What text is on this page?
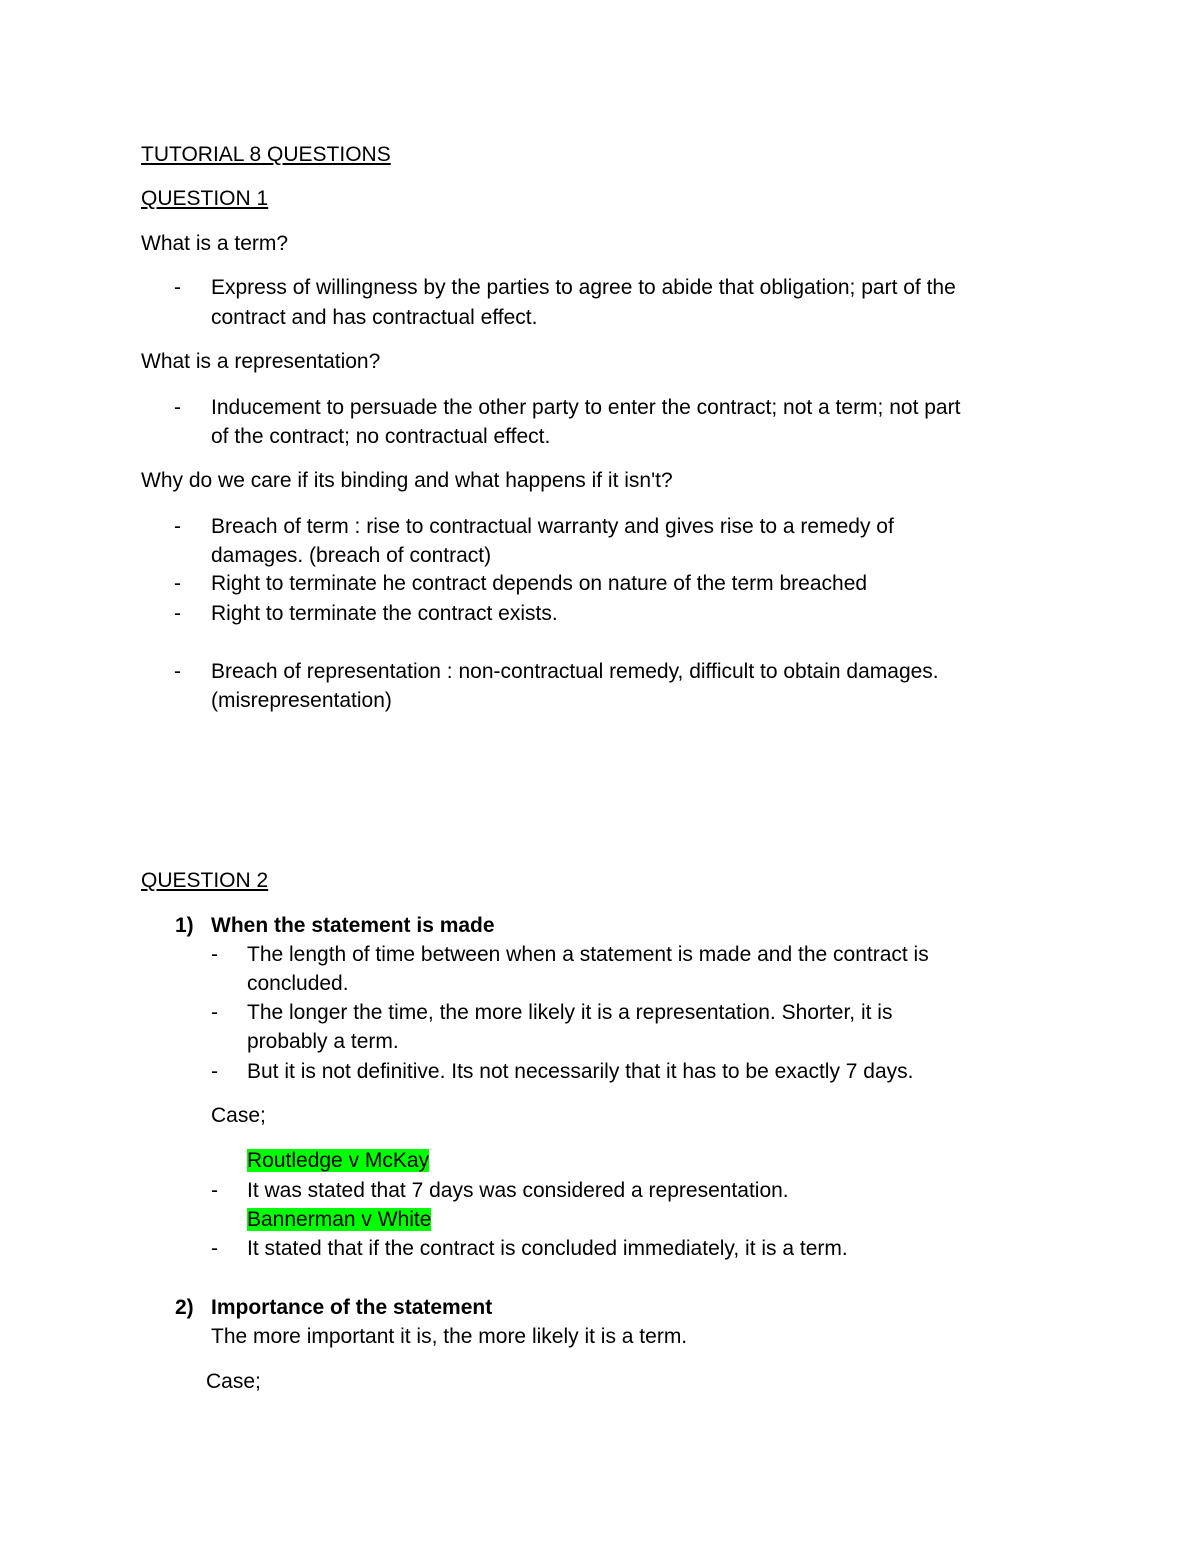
TUTORIAL 8 QUESTIONS
QUESTION 1
What is a term?
- Express of willingness by the parties to agree to abide that obligation; part of the
contract and has contractual effect.
What is a representation?
- Inducement to persuade the other party to enter the contract; not a term; not part
of the contract; no contractual effect.
Why do we care if its binding and what happens if it isn't?
- Breach of term : rise to contractual warranty and gives rise to a remedy of
damages. (breach of contract)
- Right to terminate he contract depends on nature of the term breached
- Right to terminate the contract exists.
- Breach of representation : non-contractual remedy, difficult to obtain damages.
(misrepresentation)
QUESTION 2
1) When the statement is made
- The length of time between when a statement is made and the contract is
concluded.
- The longer the time, the more likely it is a representation. Shorter, it is
probably a term.
- But it is not definitive. Its not necessarily that it has to be exactly 7 days.
Case;
Routledge v McKay
- It was stated that 7 days was considered a representation.
Bannerman v White
- It stated that if the contract is concluded immediately, it is a term.
2) Importance of the statement
The more important it is, the more likely it is a term.
Case;
